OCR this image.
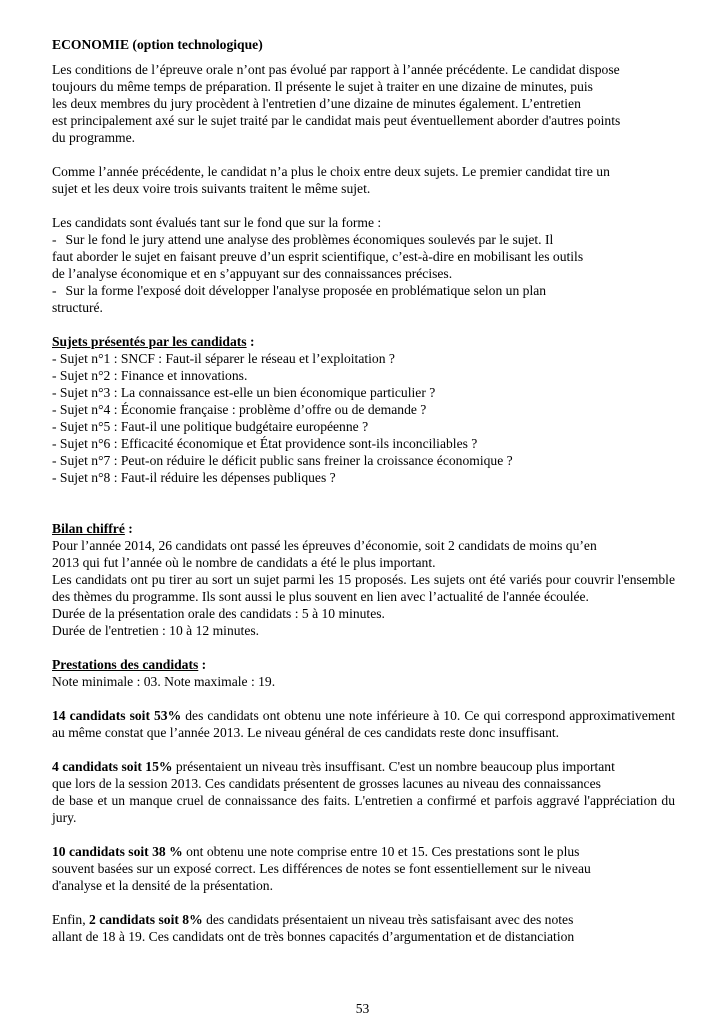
ECONOMIE (option technologique)

Les conditions de l’épreuve orale n’ont pas évolué par rapport à l’année précédente. Le candidat dispose
toujours du même temps de préparation. Il présente le sujet à traiter en une dizaine de minutes, puis
les deux membres du jury procèdent à l'entretien d’une dizaine de minutes également. L’entretien
est principalement axé sur le sujet traité par le candidat mais peut éventuellement aborder d'autres points
du programme.
Comme l’année précédente, le candidat n’a plus le choix entre deux sujets. Le premier candidat tire un
sujet et les deux voire trois suivants traitent le même sujet.
Les candidats sont évalués tant sur le fond que sur la forme :
- Sur le fond le jury attend une analyse des problèmes économiques soulevés par le sujet. Il
faut aborder le sujet en faisant preuve d’un esprit scientifique, c’est-à-dire en mobilisant les outils
de l’analyse économique et en s’appuyant sur des connaissances précises.
- Sur la forme l'exposé doit développer l'analyse proposée en problématique selon un plan
structuré.
Sujets présentés par les candidats :
- Sujet n°1 : SNCF : Faut-il séparer le réseau et l’exploitation ?
- Sujet n°2 : Finance et innovations.
- Sujet n°3 : La connaissance est-elle un bien économique particulier ?
- Sujet n°4 : Économie française : problème d’offre ou de demande ?
- Sujet n°5 : Faut-il une politique budgétaire européenne ?
- Sujet n°6 : Efficacité économique et État providence sont-ils inconciliables ?
- Sujet n°7 : Peut-on réduire le déficit public sans freiner la croissance économique ?
- Sujet n°8 : Faut-il réduire les dépenses publiques ?
Bilan chiffré :
Pour l’année 2014, 26 candidats ont passé les épreuves d’économie, soit 2 candidats de moins qu’en
2013 qui fut l’année où le nombre de candidats a été le plus important.

Les candidats ont pu tirer au sort un sujet parmi les 15 proposés. Les sujets ont été variés pour couvrir l'ensemble des thèmes du programme. Ils sont aussi le plus souvent en lien avec l’actualité de l'année écoulée.

Durée de la présentation orale des candidats : 5 à 10 minutes.
Durée de l'entretien : 10 à 12 minutes.
Prestations des candidats :
Note minimale : 03. Note maximale : 19.

14 candidats soit 53% des candidats ont obtenu une note inférieure à 10. Ce qui correspond approximativement au même constat que l’année 2013. Le niveau général de ces candidats reste donc insuffisant.

4 candidats soit 15% présentaient un niveau très insuffisant. C'est un nombre beaucoup plus important
que lors de la session 2013. Ces candidats présentent de grosses lacunes au niveau des connaissances

de base et un manque cruel de connaissance des faits. L'entretien a confirmé et parfois aggravé l'appréciation du jury.

10 candidats soit 38 % ont obtenu une note comprise entre 10 et 15. Ces prestations sont le plus
souvent basées sur un exposé correct. Les différences de notes se font essentiellement sur le niveau
d'analyse et la densité de la présentation.
Enfin, 2 candidats soit 8% des candidats présentaient un niveau très satisfaisant avec des notes
allant de 18 à 19. Ces candidats ont de très bonnes capacités d’argumentation et de distanciation
53
